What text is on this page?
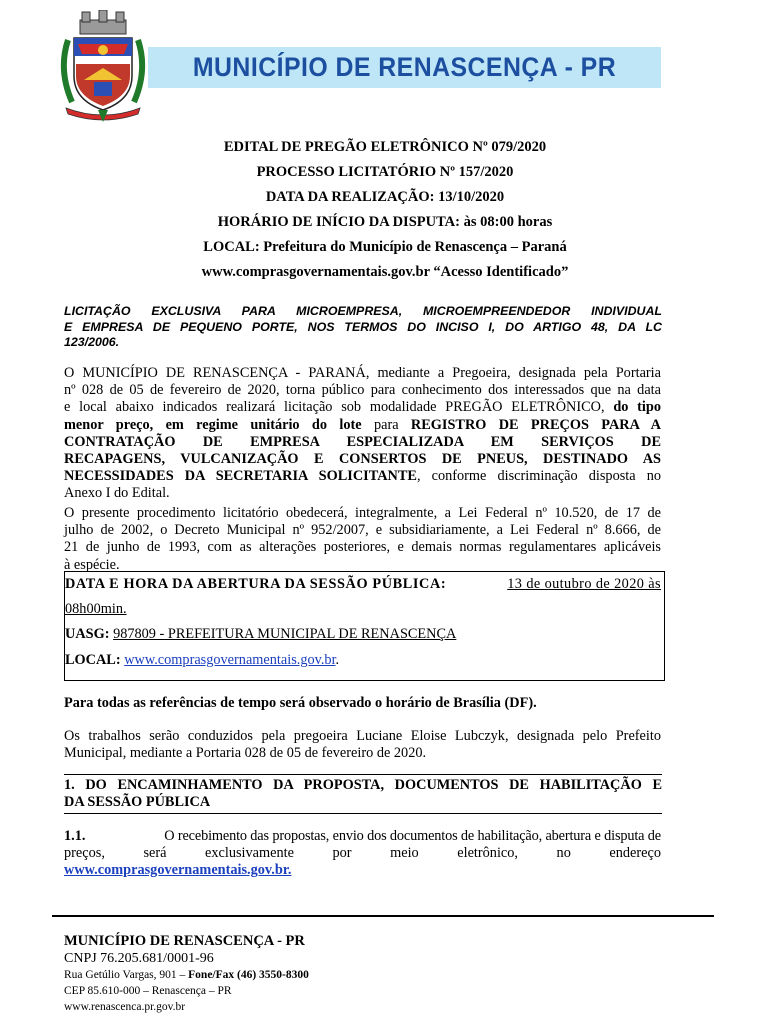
MUNICÍPIO DE RENASCENÇA - PR
EDITAL DE PREGÃO ELETRÔNICO Nº 079/2020
PROCESSO LICITATÓRIO Nº 157/2020
DATA DA REALIZAÇÃO: 13/10/2020
HORÁRIO DE INÍCIO DA DISPUTA: às 08:00 horas
LOCAL: Prefeitura do Município de Renascença – Paraná
www.comprasgovernamentais.gov.br “Acesso Identificado”
LICITAÇÃO EXCLUSIVA PARA MICROEMPRESA, MICROEMPREENDEDOR INDIVIDUAL
E EMPRESA DE PEQUENO PORTE, NOS TERMOS DO INCISO I, DO ARTIGO 48, DA LC
123/2006.
O MUNICÍPIO DE RENASCENÇA - PARANÁ, mediante a Pregoeira, designada pela Portaria
nº 028 de 05 de fevereiro de 2020, torna público para conhecimento dos interessados que na data
e local abaixo indicados realizará licitação sob modalidade PREGÃO ELETRÔNICO, do tipo
menor preço, em regime unitário do lote para REGISTRO DE PREÇOS PARA A
CONTRATAÇÃO DE EMPRESA ESPECIALIZADA EM SERVIÇOS DE
RECAPAGENS, VULCANIZAÇÃO E CONSERTOS DE PNEUS, DESTINADO AS
NECESSIDADES DA SECRETARIA SOLICITANTE, conforme discriminação disposta no
Anexo I do Edital.
O presente procedimento licitatório obedecerá, integralmente, a Lei Federal nº 10.520, de 17 de
julho de 2002, o Decreto Municipal nº 952/2007, e subsidiariamente, a Lei Federal nº 8.666, de
21 de junho de 1993, com as alterações posteriores, e demais normas regulamentares aplicáveis
à espécie.
DATA E HORA DA ABERTURA DA SESSÃO PÚBLICA:	13 de outubro de 2020 às
08h00min.
UASG: 987809 - PREFEITURA MUNICIPAL DE RENASCENÇA
LOCAL: www.comprasgovernamentais.gov.br.
Para todas as referências de tempo será observado o horário de Brasília (DF).
Os trabalhos serão conduzidos pela pregoeira Luciane Eloise Lubczyk, designada pelo Prefeito
Municipal, mediante a Portaria 028 de 05 de fevereiro de 2020.
1. DO ENCAMINHAMENTO DA PROPOSTA, DOCUMENTOS DE HABILITAÇÃO E
DA SESSÃO PÚBLICA
1.1.	O recebimento das propostas, envio dos documentos de habilitação, abertura e disputa de
preços, será exclusivamente por meio eletrônico, no endereço
www.comprasgovernamentais.gov.br.
MUNICÍPIO DE RENASCENÇA - PR
CNPJ 76.205.681/0001-96
Rua Getúlio Vargas, 901 – Fone/Fax (46) 3550-8300
CEP 85.610-000 – Renascença – PR
www.renascenca.pr.gov.br
